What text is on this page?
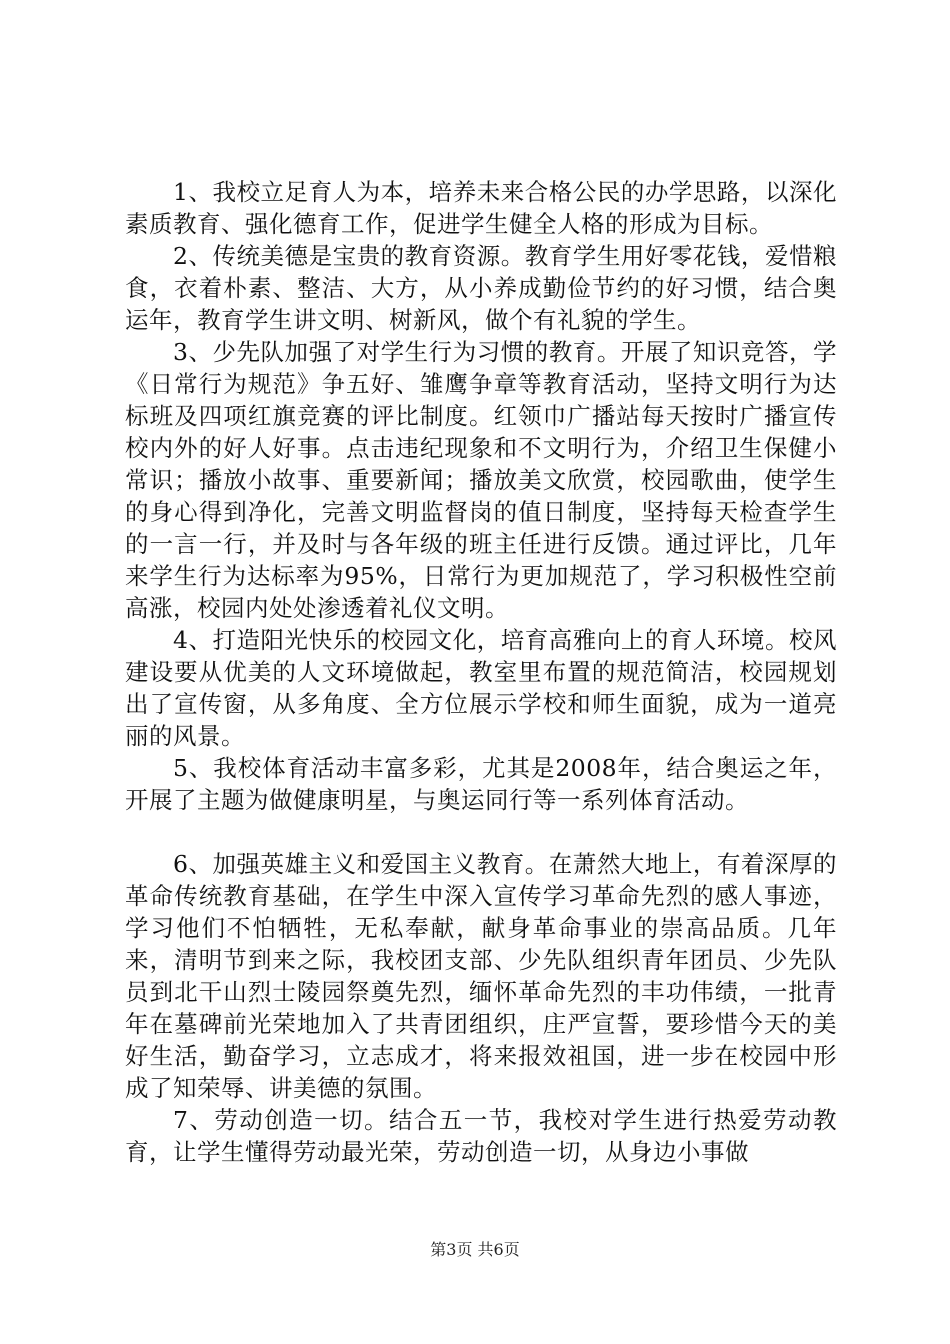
1、我校立足育人为本，培养未来合格公民的办学思路，以深化素质教育、强化德育工作，促进学生健全人格的形成为目标。

2、传统美德是宝贵的教育资源。教育学生用好零花钱，爱惜粮食，衣着朴素、整洁、大方，从小养成勤俭节约的好习惯，结合奥运年，教育学生讲文明、树新风，做个有礼貌的学生。

3、少先队加强了对学生行为习惯的教育。开展了知识竞答，学《日常行为规范》争五好、雏鹰争章等教育活动，坚持文明行为达标班及四项红旗竞赛的评比制度。红领巾广播站每天按时广播宣传校内外的好人好事。点击违纪现象和不文明行为，介绍卫生保健小常识；播放小故事、重要新闻；播放美文欣赏，校园歌曲，使学生的身心得到净化，完善文明监督岗的值日制度，坚持每天检查学生的一言一行，并及时与各年级的班主任进行反馈。通过评比，几年来学生行为达标率为95%，日常行为更加规范了，学习积极性空前高涨，校园内处处渗透着礼仪文明。

4、打造阳光快乐的校园文化，培育高雅向上的育人环境。校风建设要从优美的人文环境做起，教室里布置的规范简洁，校园规划出了宣传窗，从多角度、全方位展示学校和师生面貌，成为一道亮丽的风景。

5、我校体育活动丰富多彩，尤其是2008年，结合奥运之年，开展了主题为做健康明星，与奥运同行等一系列体育活动。

6、加强英雄主义和爱国主义教育。在萧然大地上，有着深厚的革命传统教育基础，在学生中深入宣传学习革命先烈的感人事迹，学习他们不怕牺牲，无私奉献，献身革命事业的崇高品质。几年来，清明节到来之际，我校团支部、少先队组织青年团员、少先队员到北干山烈士陵园祭奠先烈，缅怀革命先烈的丰功伟绩，一批青年在墓碑前光荣地加入了共青团组织，庄严宣誓，要珍惜今天的美好生活，勤奋学习，立志成才，将来报效祖国，进一步在校园中形成了知荣辱、讲美德的氛围。

7、劳动创造一切。结合五一节，我校对学生进行热爱劳动教育，让学生懂得劳动最光荣，劳动创造一切，从身边小事做

第3页 共6页
